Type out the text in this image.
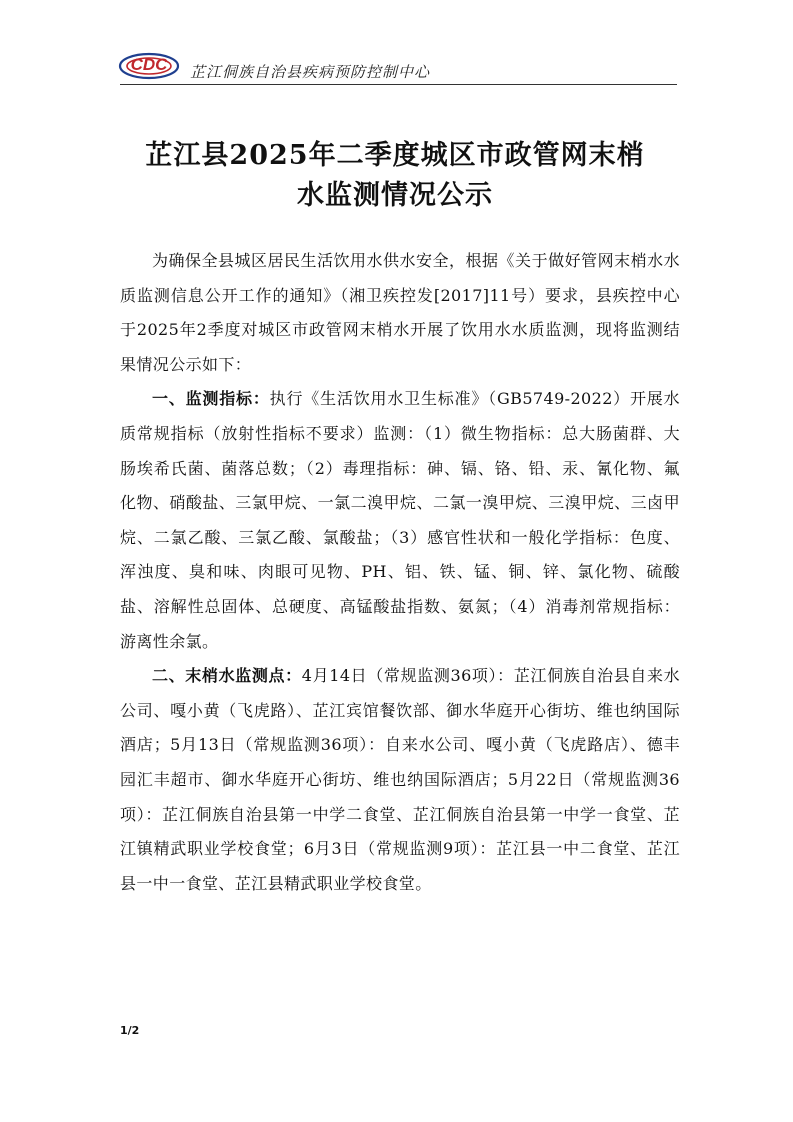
CDC 芷江侗族自治县疾病预防控制中心
芷江县2025年二季度城区市政管网末梢
水监测情况公示

为确保全县城区居民生活饮用水供水安全，根据《关于做好管网末梢水水质监测信息公开工作的通知》（湘卫疾控发[2017]11号）要求，县疾控中心于2025年2季度对城区市政管网末梢水开展了饮用水水质监测，现将监测结果情况公示如下：

一、监测指标：执行《生活饮用水卫生标准》（GB5749-2022）开展水质常规指标（放射性指标不要求）监测：（1）微生物指标：总大肠菌群、大肠埃希氏菌、菌落总数；（2）毒理指标：砷、镉、铬、铅、汞、氰化物、氟化物、硝酸盐、三氯甲烷、一氯二溴甲烷、二氯一溴甲烷、三溴甲烷、三卤甲烷、二氯乙酸、三氯乙酸、氯酸盐；（3）感官性状和一般化学指标：色度、浑浊度、臭和味、肉眼可见物、PH、铝、铁、锰、铜、锌、氯化物、硫酸盐、溶解性总固体、总硬度、高锰酸盐指数、氨氮；（4）消毒剂常规指标：游离性余氯。

二、末梢水监测点：4月14日（常规监测36项）：芷江侗族自治县自来水公司、嘎小黄（飞虎路）、芷江宾馆餐饮部、御水华庭开心街坊、维也纳国际酒店；5月13日（常规监测36项）：自来水公司、嘎小黄（飞虎路店）、德丰园汇丰超市、御水华庭开心街坊、维也纳国际酒店；5月22日（常规监测36项）：芷江侗族自治县第一中学二食堂、芷江侗族自治县第一中学一食堂、芷江镇精武职业学校食堂；6月3日（常规监测9项）：芷江县一中二食堂、芷江县一中一食堂、芷江县精武职业学校食堂。

1/2
